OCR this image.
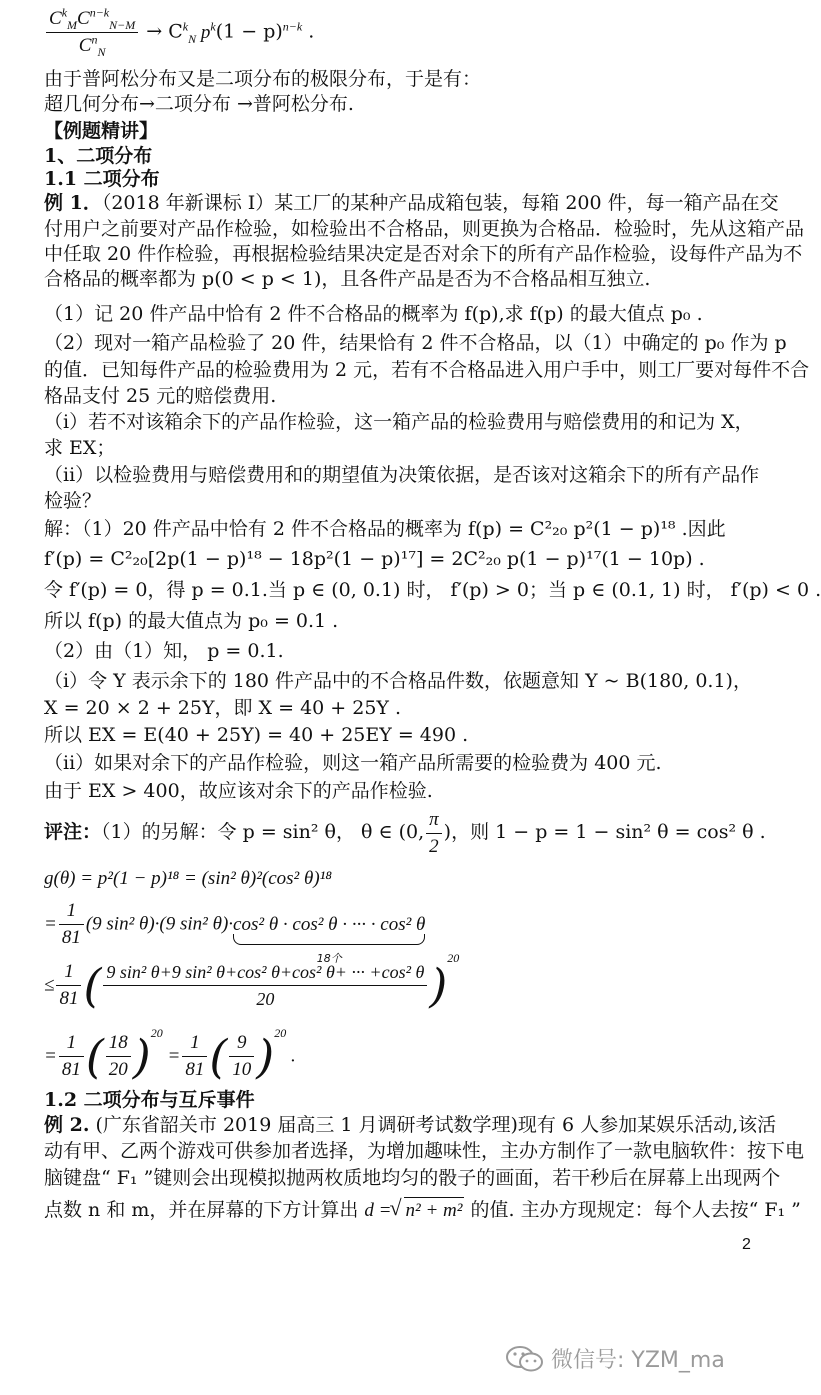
$\frac{C^k_MC^{n-k}_{N-M}}{C^n_N} \to C^k_N$ $p^k(1 - p)^{n-k}$ .
由于普阿松分布又是二项分布的极限分布，于是有：
超几何分布→二项分布 →普阿松分布.
【例题精讲】
1、二项分布
1.1 二项分布
例 1．（2018 年新课标 I）某工厂的某种产品成箱包装，每箱 200 件，每一箱产品在交
付用户之前要对产品作检验，如检验出不合格品，则更换为合格品．检验时，先从这箱产品
中任取 20 件作检验，再根据检验结果决定是否对余下的所有产品作检验，设每件产品为不
合格品的概率都为 p(0 < p < 1)，且各件产品是否为不合格品相互独立.
（1）记 20 件产品中恰有 2 件不合格品的概率为 f(p),求 f(p) 的最大值点 p₀ .
（2）现对一箱产品检验了 20 件，结果恰有 2 件不合格品，以（1）中确定的 p₀ 作为 p
的值．已知每件产品的检验费用为 2 元，若有不合格品进入用户手中，则工厂要对每件不合
格品支付 25 元的赔偿费用.
（i）若不对该箱余下的产品作检验，这一箱产品的检验费用与赔偿费用的和记为 X，
求 EX；
（ii）以检验费用与赔偿费用和的期望值为决策依据，是否该对这箱余下的所有产品作
检验？
解：（1）20 件产品中恰有 2 件不合格品的概率为 f(p) = C²₂₀ p²(1 − p)¹⁸ .因此
f′(p) = C²₂₀[2p(1 − p)¹⁸ − 18p²(1 − p)¹⁷] = 2C²₂₀ p(1 − p)¹⁷(1 − 10p) .
令 f′(p) = 0，得 p = 0.1.当 p ∈ (0, 0.1) 时， f′(p) > 0；当 p ∈ (0.1, 1) 时， f′(p) < 0 .
所以 f(p) 的最大值点为 p₀ = 0.1 .
（2）由（1）知， p = 0.1.
（i）令 Y 表示余下的 180 件产品中的不合格品件数，依题意知 Y ~ B(180, 0.1)，
X = 20 × 2 + 25Y，即 X = 40 + 25Y .
所以 EX = E(40 + 25Y) = 40 + 25EY = 490 .
（ii）如果对余下的产品作检验，则这一箱产品所需要的检验费为 400 元.
由于 EX > 400，故应该对余下的产品作检验.
评注：（1）的另解：令 p = sin² θ， θ ∈ (0, $\frac{\pi}{2}$ )，则 1 − p = 1 − sin² θ = cos² θ .
g(θ) = p²(1 − p)¹⁸ = (sin² θ)²(cos² θ)¹⁸
= $\frac{1}{81} (9$ sin² θ)·(9 sin² θ)·cos² θ · cos² θ · ··· · cos² θ
18个
≤ $\frac{1}{81}$ ( $\frac{\text{9 sin² θ+9 sin² θ+cos² θ+cos² θ+ ··· +cos² θ}}{20} )^{20}$
= $\frac{1}{81}$ ( $\frac{18}{20} )^{20} = \frac{1}{81}$ ( $\frac{9}{10} )^{20}$ .
1.2 二项分布与互斥事件
例 2. (广东省韶关市 2019 届高三 1 月调研考试数学理)现有 6 人参加某娱乐活动,该活
动有甲、乙两个游戏可供参加者选择，为增加趣味性，主办方制作了一款电脑软件：按下电
脑键盘“ F₁ ”键则会出现模拟抛两枚质地均匀的骰子的画面，若干秒后在屏幕上出现两个
点数 n 和 m，并在屏幕的下方计算出 d =√ n² + m² 的值. 主办方现规定：每个人去按“ F₁ ”
2
微信号: YZM_ma
